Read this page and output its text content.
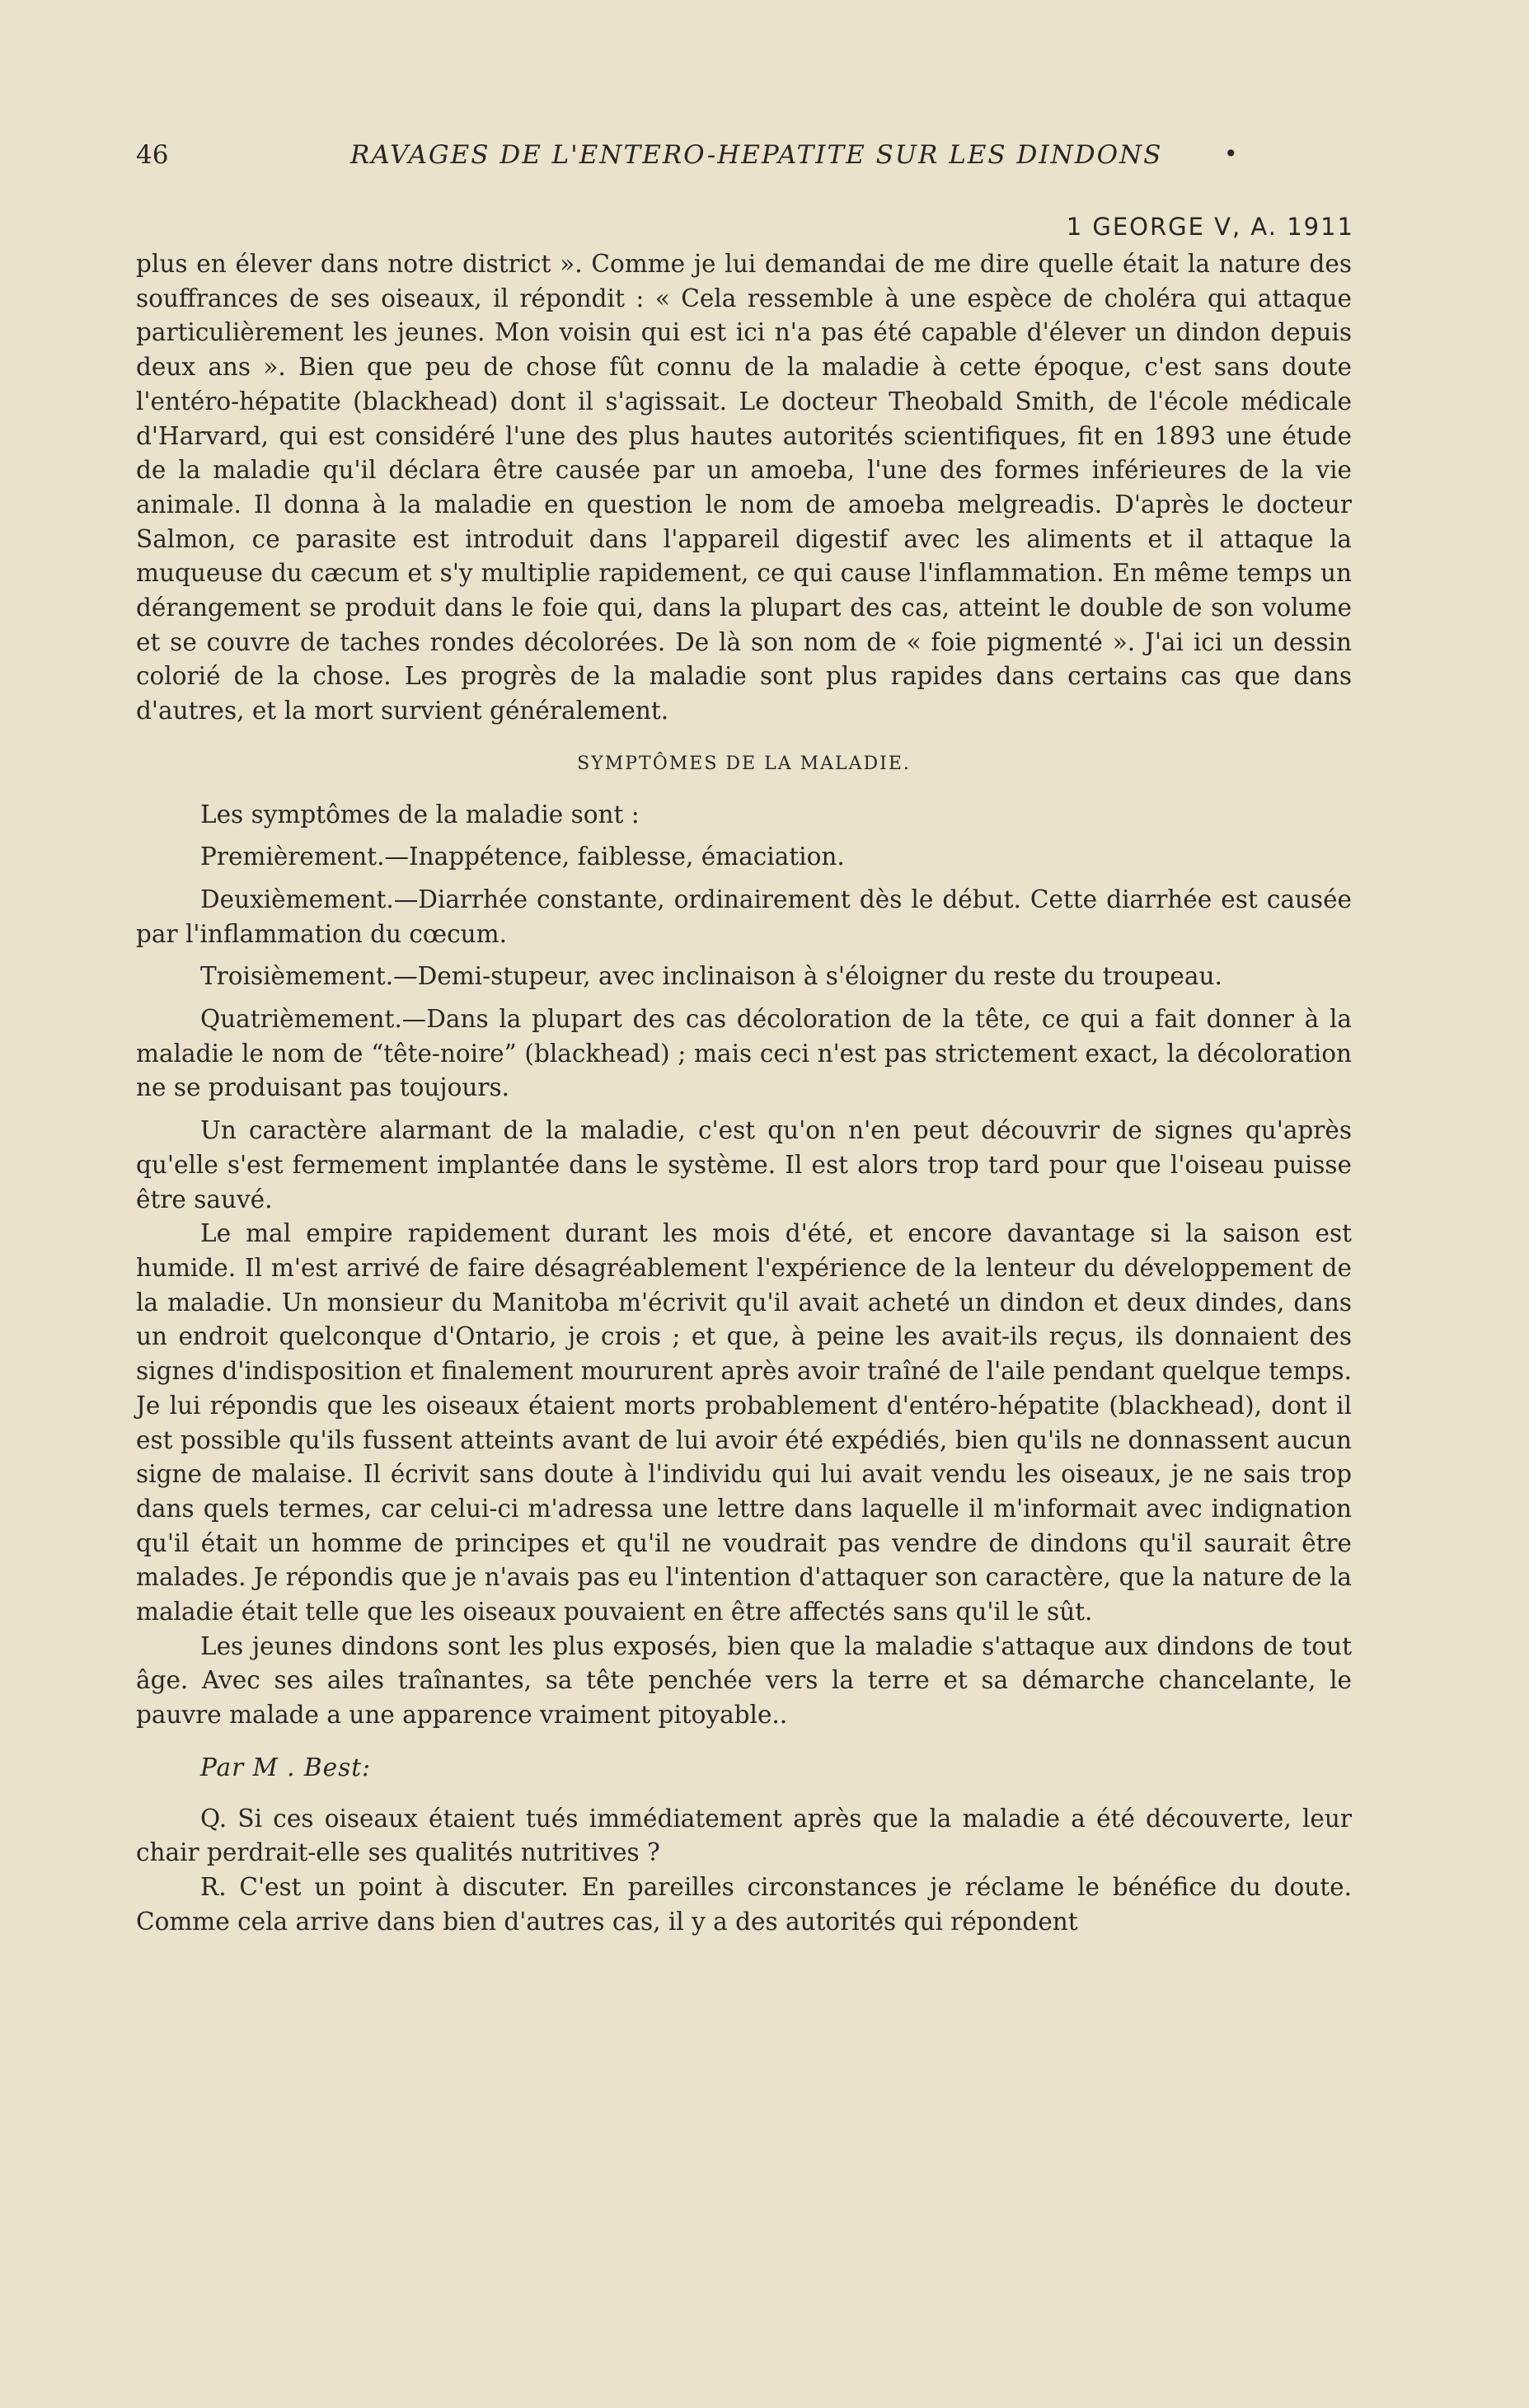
46	RAVAGES DE L'ENTERO-HEPATITE SUR LES DINDONS	•
1 GEORGE V, A. 1911

plus en élever dans notre district ». Comme je lui demandai de me dire quelle était la nature des souffrances de ses oiseaux, il répondit : « Cela ressemble à une espèce de choléra qui attaque particulièrement les jeunes. Mon voisin qui est ici n'a pas été capable d'élever un dindon depuis deux ans ». Bien que peu de chose fût connu de la maladie à cette époque, c'est sans doute l'entéro-hépatite (blackhead) dont il s'agissait. Le docteur Theobald Smith, de l'école médicale d'Harvard, qui est considéré l'une des plus hautes autorités scientifiques, fit en 1893 une étude de la maladie qu'il déclara être causée par un amoeba, l'une des formes inférieures de la vie animale. Il donna à la maladie en question le nom de amoeba melgreadis. D'après le docteur Salmon, ce parasite est introduit dans l'appareil digestif avec les aliments et il attaque la muqueuse du cæcum et s'y multiplie rapidement, ce qui cause l'inflammation. En même temps un dérangement se produit dans le foie qui, dans la plupart des cas, atteint le double de son volume et se couvre de taches rondes décolorées. De là son nom de « foie pigmenté ». J'ai ici un dessin colorié de la chose. Les progrès de la maladie sont plus rapides dans certains cas que dans d'autres, et la mort survient généralement.

SYMPTÔMES DE LA MALADIE.

Les symptômes de la maladie sont :

Premièrement.—Inappétence, faiblesse, émaciation.

Deuxièmement.—Diarrhée constante, ordinairement dès le début. Cette diarrhée est causée par l'inflammation du cœcum.

Troisièmement.—Demi-stupeur, avec inclinaison à s'éloigner du reste du troupeau.

Quatrièmement.—Dans la plupart des cas décoloration de la tête, ce qui a fait donner à la maladie le nom de “tête-noire” (blackhead) ; mais ceci n'est pas strictement exact, la décoloration ne se produisant pas toujours.

Un caractère alarmant de la maladie, c'est qu'on n'en peut découvrir de signes qu'après qu'elle s'est fermement implantée dans le système. Il est alors trop tard pour que l'oiseau puisse être sauvé.

Le mal empire rapidement durant les mois d'été, et encore davantage si la saison est humide. Il m'est arrivé de faire désagréablement l'expérience de la lenteur du développement de la maladie. Un monsieur du Manitoba m'écrivit qu'il avait acheté un dindon et deux dindes, dans un endroit quelconque d'Ontario, je crois ; et que, à peine les avait-ils reçus, ils donnaient des signes d'indisposition et finalement moururent après avoir traîné de l'aile pendant quelque temps. Je lui répondis que les oiseaux étaient morts probablement d'entéro-hépatite (blackhead), dont il est possible qu'ils fussent atteints avant de lui avoir été expédiés, bien qu'ils ne donnassent aucun signe de malaise. Il écrivit sans doute à l'individu qui lui avait vendu les oiseaux, je ne sais trop dans quels termes, car celui-ci m'adressa une lettre dans laquelle il m'informait avec indignation qu'il était un homme de principes et qu'il ne voudrait pas vendre de dindons qu'il saurait être malades. Je répondis que je n'avais pas eu l'intention d'attaquer son caractère, que la nature de la maladie était telle que les oiseaux pouvaient en être affectés sans qu'il le sût.

Les jeunes dindons sont les plus exposés, bien que la maladie s'attaque aux dindons de tout âge. Avec ses ailes traînantes, sa tête penchée vers la terre et sa démarche chancelante, le pauvre malade a une apparence vraiment pitoyable..

Par M . Best:

Q. Si ces oiseaux étaient tués immédiatement après que la maladie a été découverte, leur chair perdrait-elle ses qualités nutritives ?

R. C'est un point à discuter. En pareilles circonstances je réclame le bénéfice du doute. Comme cela arrive dans bien d'autres cas, il y a des autorités qui répondent
